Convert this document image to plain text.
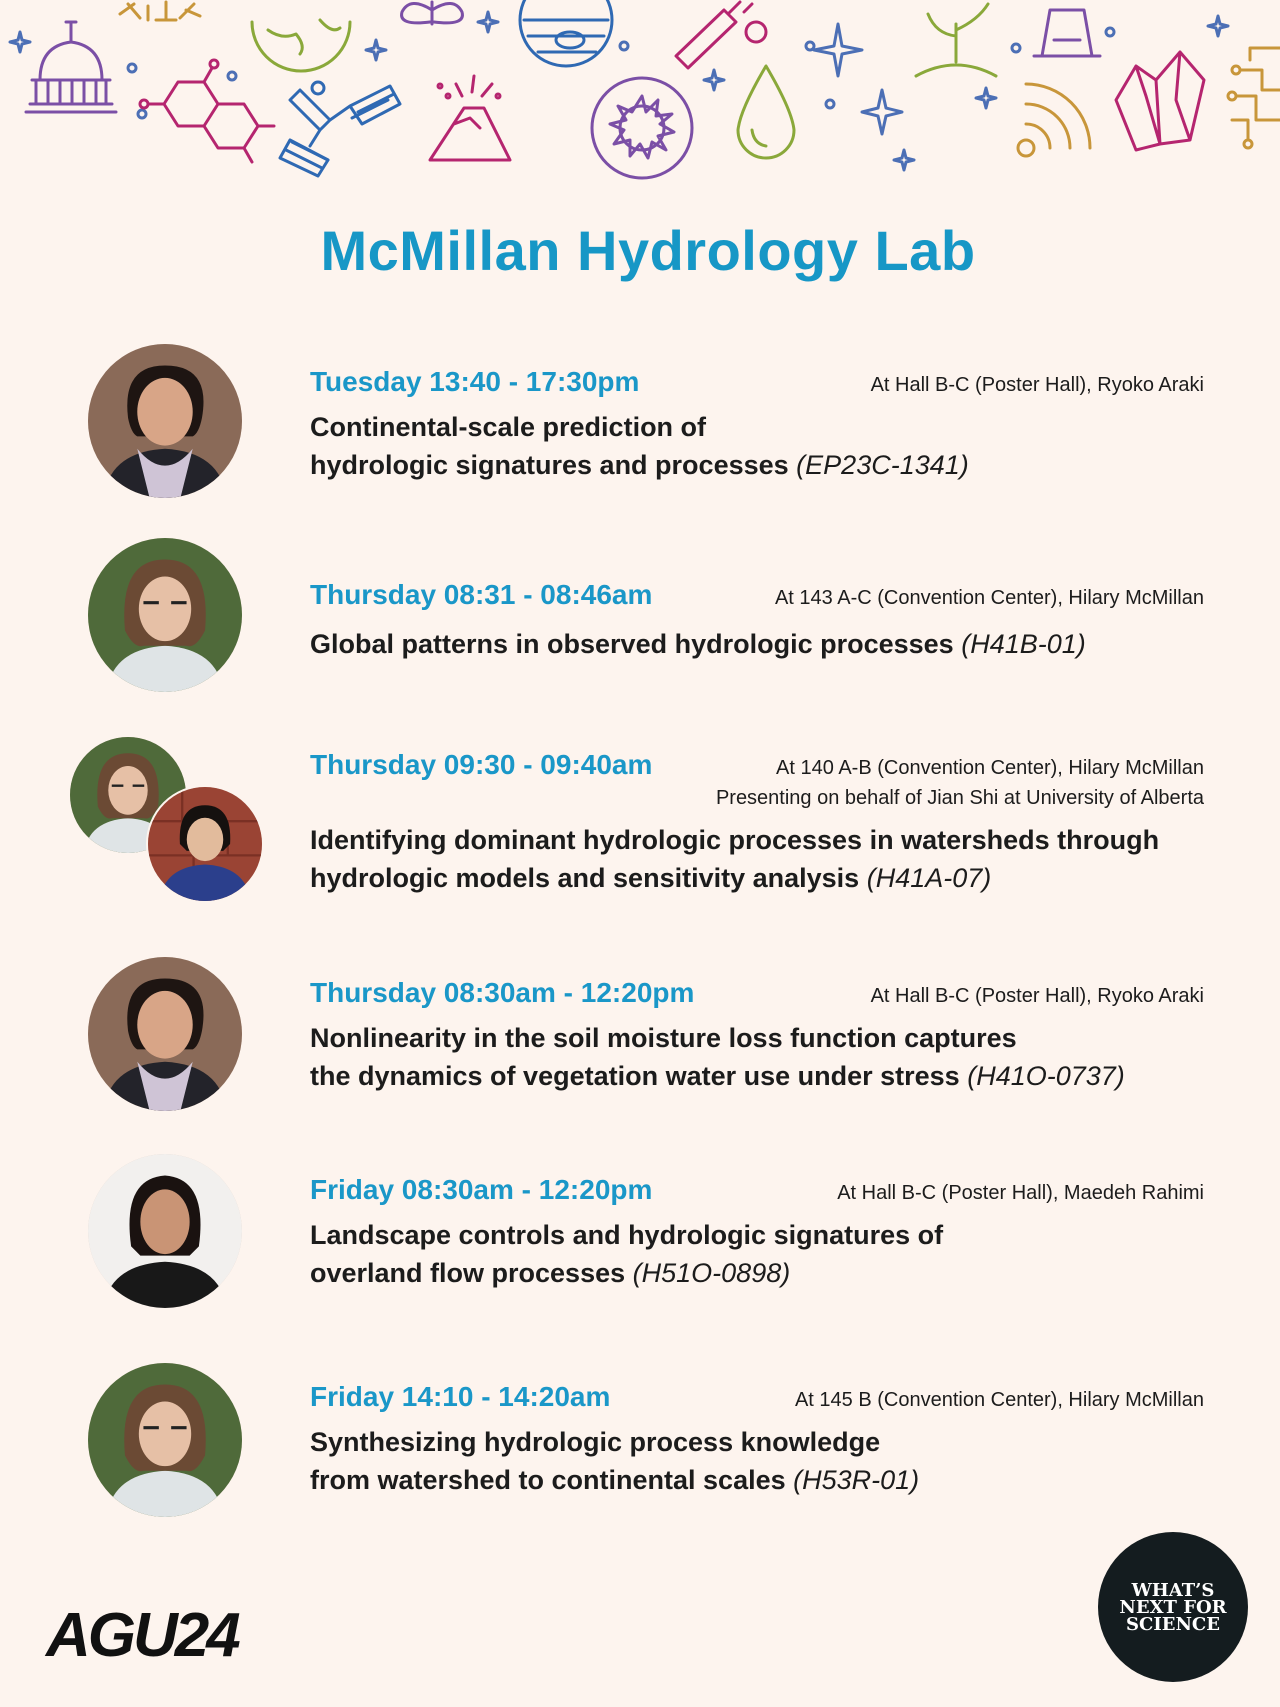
McMillan Hydrology Lab
Tuesday 13:40 - 17:30pm	At Hall B-C (Poster Hall), Ryoko Araki
Continental-scale prediction of
hydrologic signatures and processes (EP23C-1341)
Thursday 08:31 - 08:46am	At 143 A-C (Convention Center), Hilary McMillan
Global patterns in observed hydrologic processes (H41B-01)
Thursday 09:30 - 09:40am	At 140 A-B (Convention Center), Hilary McMillan
Presenting on behalf of Jian Shi at University of Alberta
Identifying dominant hydrologic processes in watersheds through
hydrologic models and sensitivity analysis (H41A-07)
Thursday 08:30am - 12:20pm	At Hall B-C (Poster Hall), Ryoko Araki
Nonlinearity in the soil moisture loss function captures
the dynamics of vegetation water use under stress (H41O-0737)
Friday 08:30am - 12:20pm	At Hall B-C (Poster Hall), Maedeh Rahimi
Landscape controls and hydrologic signatures of
overland flow processes (H51O-0898)
Friday 14:10 - 14:20am	At 145 B (Convention Center), Hilary McMillan
Synthesizing hydrologic process knowledge
from watershed to continental scales (H53R-01)
AGU24
WHAT’S
NEXT FOR
SCIENCE
